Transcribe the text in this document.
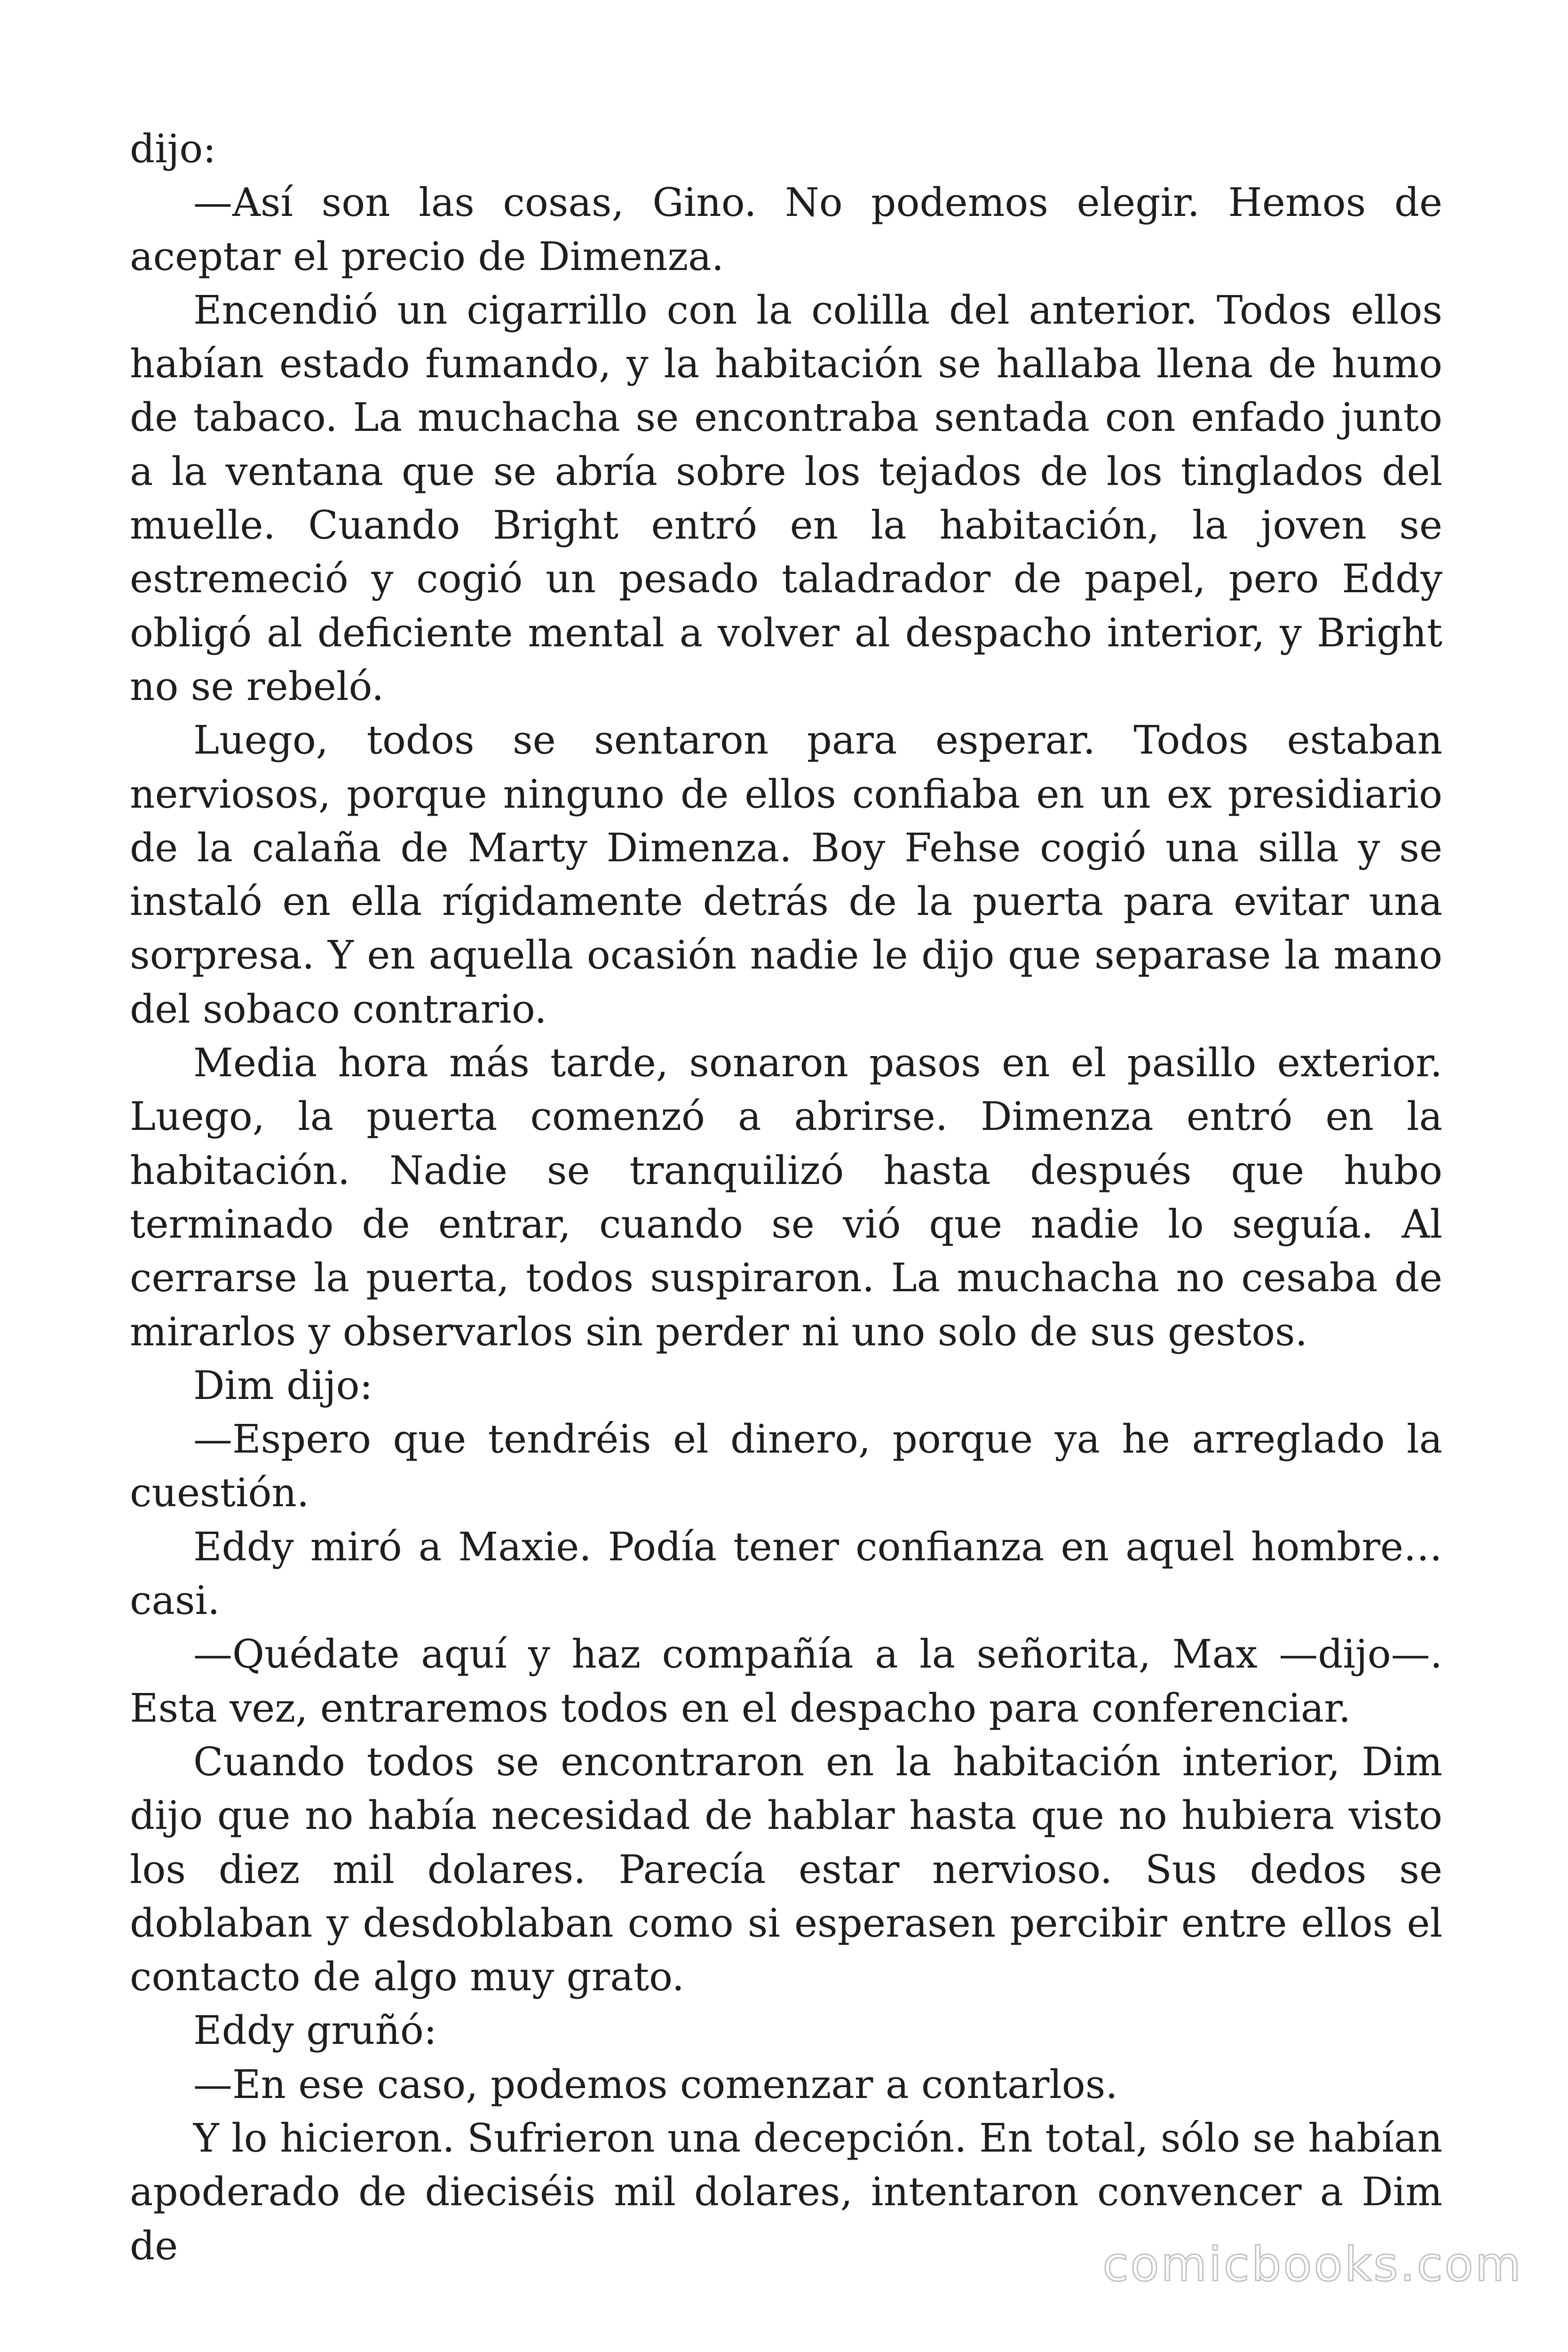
dijo:

—Así son las cosas, Gino. No podemos elegir. Hemos de aceptar el precio de Dimenza.

Encendió un cigarrillo con la colilla del anterior. Todos ellos habían estado fumando, y la habitación se hallaba llena de humo de tabaco. La muchacha se encontraba sentada con enfado junto a la ventana que se abría sobre los tejados de los tinglados del muelle. Cuando Bright entró en la habitación, la joven se estremeció y cogió un pesado taladrador de papel, pero Eddy obligó al deficiente mental a volver al despacho interior, y Bright no se rebeló.

Luego, todos se sentaron para esperar. Todos estaban nerviosos, porque ninguno de ellos confiaba en un ex presidiario de la calaña de Marty Dimenza. Boy Fehse cogió una silla y se instaló en ella rígidamente detrás de la puerta para evitar una sorpresa. Y en aquella ocasión nadie le dijo que separase la mano del sobaco contrario.

Media hora más tarde, sonaron pasos en el pasillo exterior. Luego, la puerta comenzó a abrirse. Dimenza entró en la habitación. Nadie se tranquilizó hasta después que hubo terminado de entrar, cuando se vió que nadie lo seguía. Al cerrarse la puerta, todos suspiraron. La muchacha no cesaba de mirarlos y observarlos sin perder ni uno solo de sus gestos.

Dim dijo:

—Espero que tendréis el dinero, porque ya he arreglado la cuestión.

Eddy miró a Maxie. Podía tener confianza en aquel hombre… casi.

—Quédate aquí y haz compañía a la señorita, Max —dijo—. Esta vez, entraremos todos en el despacho para conferenciar.

Cuando todos se encontraron en la habitación interior, Dim dijo que no había necesidad de hablar hasta que no hubiera visto los diez mil dolares. Parecía estar nervioso. Sus dedos se doblaban y desdoblaban como si esperasen percibir entre ellos el contacto de algo muy grato.

Eddy gruñó:

—En ese caso, podemos comenzar a contarlos.

Y lo hicieron. Sufrieron una decepción. En total, sólo se habían apoderado de dieciséis mil dolares, intentaron convencer a Dim de	comicbooks.com
